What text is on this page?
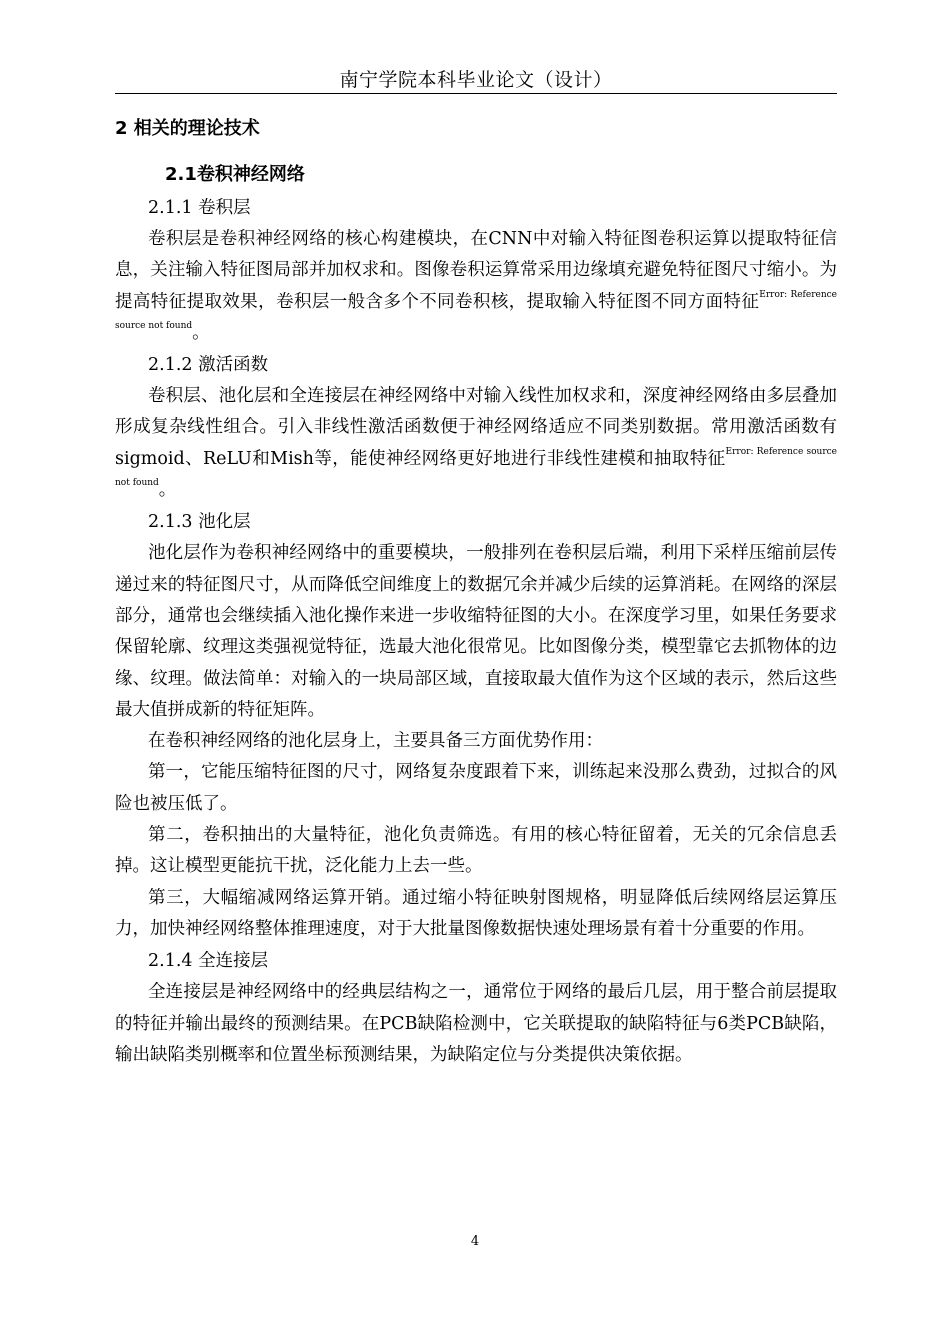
南宁学院本科毕业论文（设计）
2 相关的理论技术
2.1卷积神经网络
2.1.1 卷积层

卷积层是卷积神经网络的核心构建模块，在CNN中对输入特征图卷积运算以提取特征信息，关注输入特征图局部并加权求和。图像卷积运算常采用边缘填充避免特征图尺寸缩小。为提高特征提取效果，卷积层一般含多个不同卷积核，提取输入特征图不同方面特征$^{Error: Reference source not found}$。

2.1.2 激活函数

卷积层、池化层和全连接层在神经网络中对输入线性加权求和，深度神经网络由多层叠加形成复杂线性组合。引入非线性激活函数便于神经网络适应不同类别数据。常用激活函数有sigmoid、ReLU和Mish等，能使神经网络更好地进行非线性建模和抽取特征$^{Error: Reference source not found}$。

2.1.3 池化层

池化层作为卷积神经网络中的重要模块，一般排列在卷积层后端，利用下采样压缩前层传递过来的特征图尺寸，从而降低空间维度上的数据冗余并减少后续的运算消耗。在网络的深层部分，通常也会继续插入池化操作来进一步收缩特征图的大小。在深度学习里，如果任务要求保留轮廓、纹理这类强视觉特征，选最大池化很常见。比如图像分类，模型靠它去抓物体的边缘、纹理。做法简单：对输入的一块局部区域，直接取最大值作为这个区域的表示，然后这些最大值拼成新的特征矩阵。

在卷积神经网络的池化层身上，主要具备三方面优势作用：

第一，它能压缩特征图的尺寸，网络复杂度跟着下来，训练起来没那么费劲，过拟合的风险也被压低了。

第二，卷积抽出的大量特征，池化负责筛选。有用的核心特征留着，无关的冗余信息丢掉。这让模型更能抗干扰，泛化能力上去一些。

第三，大幅缩减网络运算开销。通过缩小特征映射图规格，明显降低后续网络层运算压力，加快神经网络整体推理速度，对于大批量图像数据快速处理场景有着十分重要的作用。

2.1.4 全连接层

全连接层是神经网络中的经典层结构之一，通常位于网络的最后几层，用于整合前层提取的特征并输出最终的预测结果。在PCB缺陷检测中，它关联提取的缺陷特征与6类PCB缺陷，输出缺陷类别概率和位置坐标预测结果，为缺陷定位与分类提供决策依据。

4
